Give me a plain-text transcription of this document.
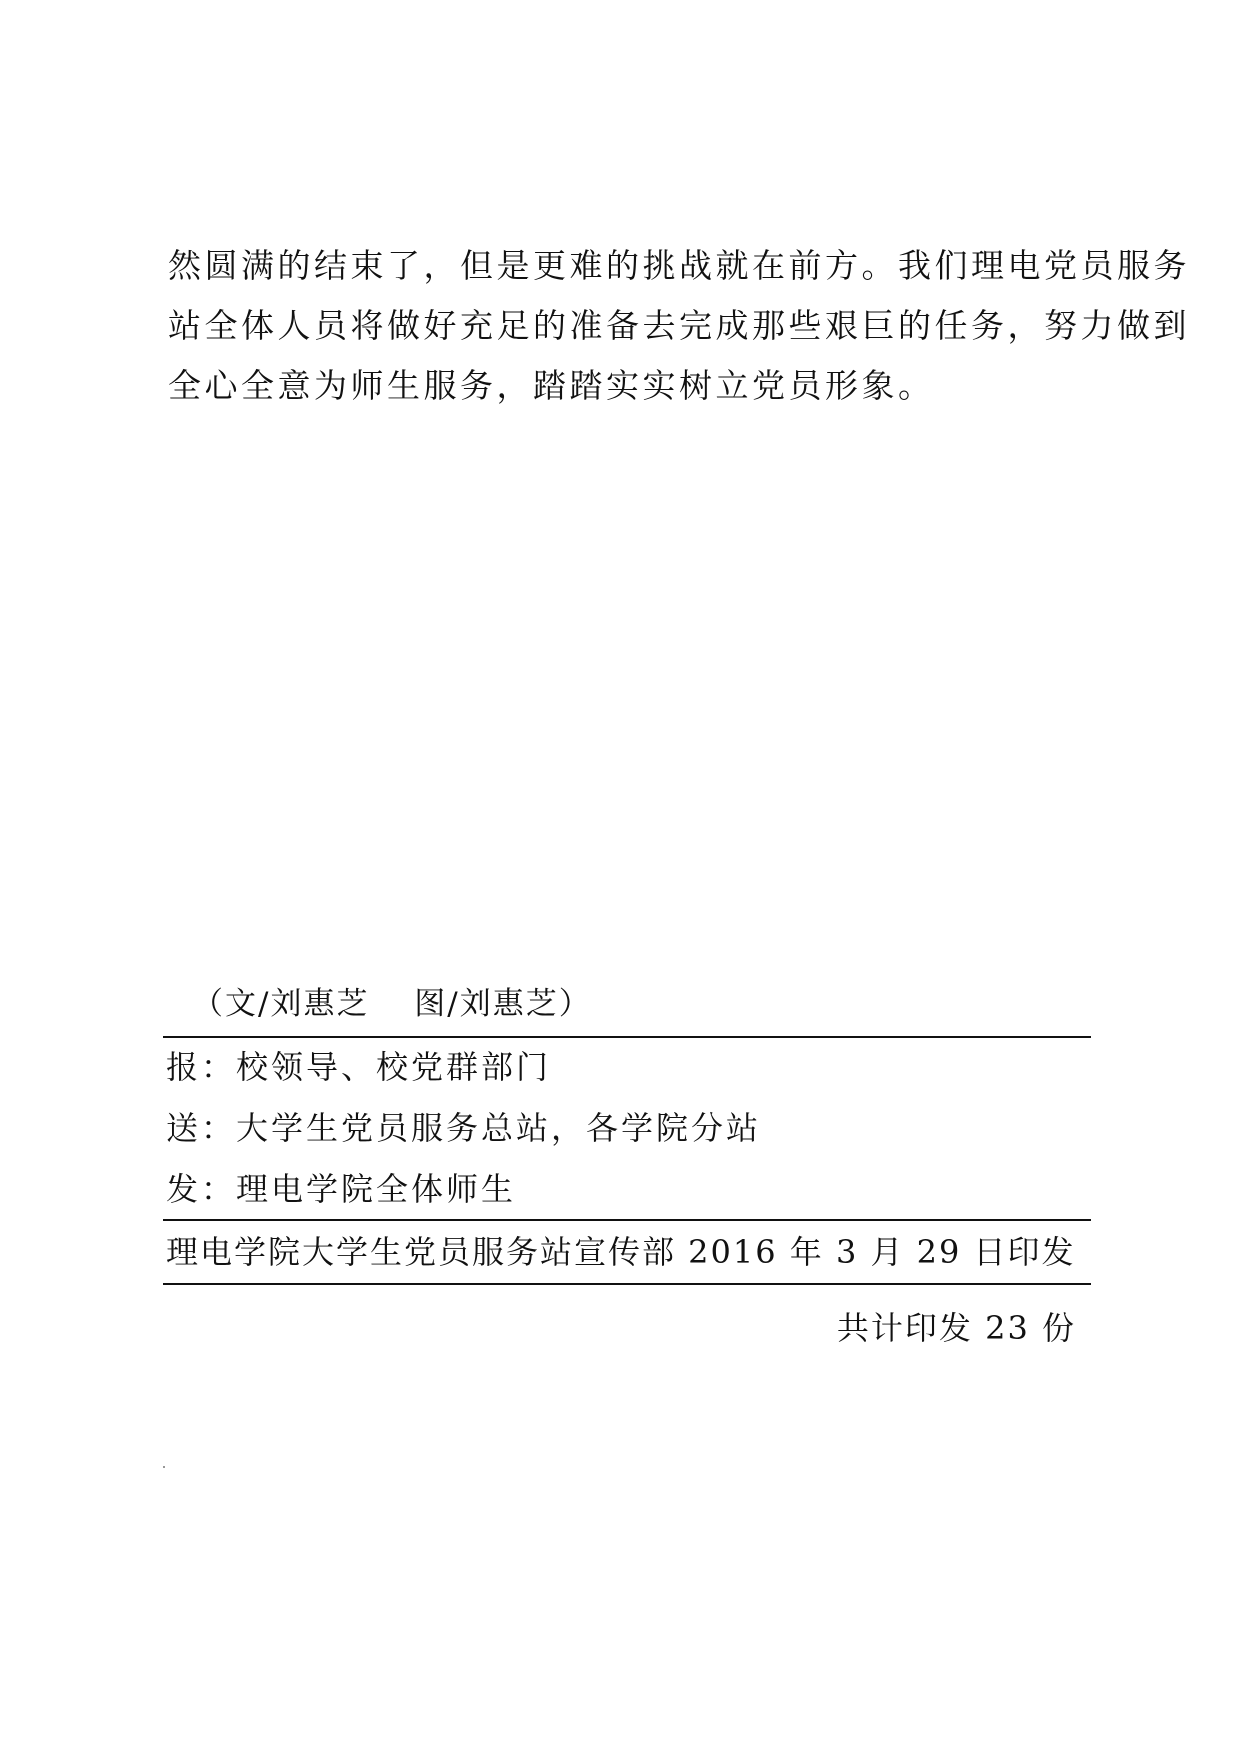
然圆满的结束了，但是更难的挑战就在前方。我们理电党员服务

站全体人员将做好充足的准备去完成那些艰巨的任务，努力做到

全心全意为师生服务，踏踏实实树立党员形象。

（文/刘惠芝　 图/刘惠芝）
报：校领导、校党群部门
送：大学生党员服务总站，各学院分站
发：理电学院全体师生
理电学院大学生党员服务站宣传部 2016 年 3 月 29 日印发
共计印发 23 份
